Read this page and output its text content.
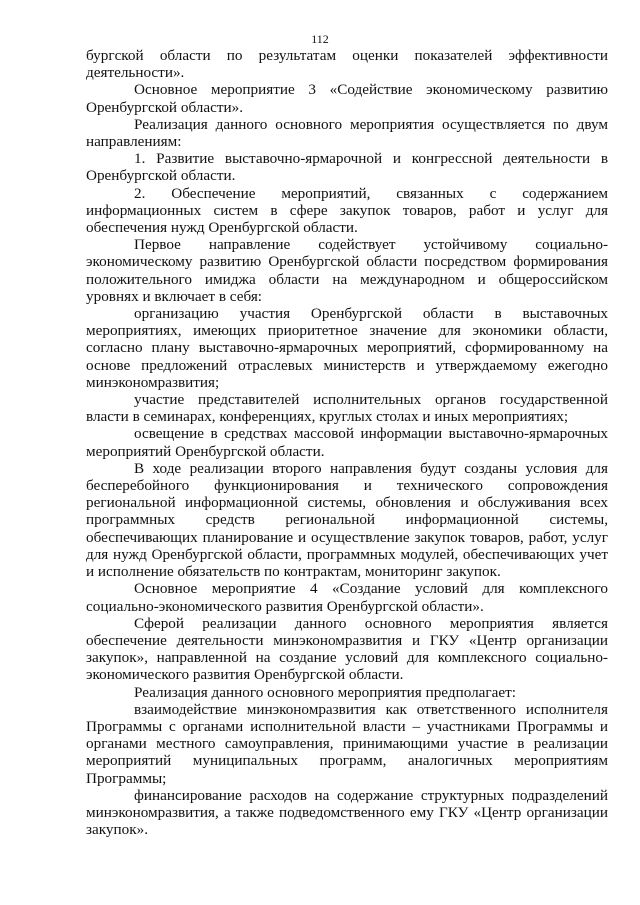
112

бургской области по результатам оценки показателей эффективности деятельности».

Основное мероприятие 3 «Содействие экономическому развитию Оренбургской области».

Реализация данного основного мероприятия осуществляется по двум направлениям:

1. Развитие выставочно-ярмарочной и конгрессной деятельности в Оренбургской области.

2. Обеспечение мероприятий, связанных с содержанием информационных систем в сфере закупок товаров, работ и услуг для обеспечения нужд Оренбургской области.

Первое направление содействует устойчивому социально-экономическому развитию Оренбургской области посредством формирования положительного имиджа области на международном и общероссийском уровнях и включает в себя:

организацию участия Оренбургской области в выставочных мероприятиях, имеющих приоритетное значение для экономики области, согласно плану выставочно-ярмарочных мероприятий, сформированному на основе предложений отраслевых министерств и утверждаемому ежегодно минэкономразвития;

участие представителей исполнительных органов государственной власти в семинарах, конференциях, круглых столах и иных мероприятиях;

освещение в средствах массовой информации выставочно-ярмарочных мероприятий Оренбургской области.

В ходе реализации второго направления будут созданы условия для бесперебойного функционирования и технического сопровождения региональной информационной системы, обновления и обслуживания всех программных средств региональной информационной системы, обеспечивающих планирование и осуществление закупок товаров, работ, услуг для нужд Оренбургской области, программных модулей, обеспечивающих учет и исполнение обязательств по контрактам, мониторинг закупок.

Основное мероприятие 4 «Создание условий для комплексного социально-экономического развития Оренбургской области».

Сферой реализации данного основного мероприятия является обеспечение деятельности минэкономразвития и ГКУ «Центр организации закупок», направленной на создание условий для комплексного социально-экономического развития Оренбургской области.

Реализация данного основного мероприятия предполагает:

взаимодействие минэкономразвития как ответственного исполнителя Программы с органами исполнительной власти – участниками Программы и органами местного самоуправления, принимающими участие в реализации мероприятий муниципальных программ, аналогичных мероприятиям Программы;

финансирование расходов на содержание структурных подразделений минэкономразвития, а также подведомственного ему ГКУ «Центр организации закупок».
